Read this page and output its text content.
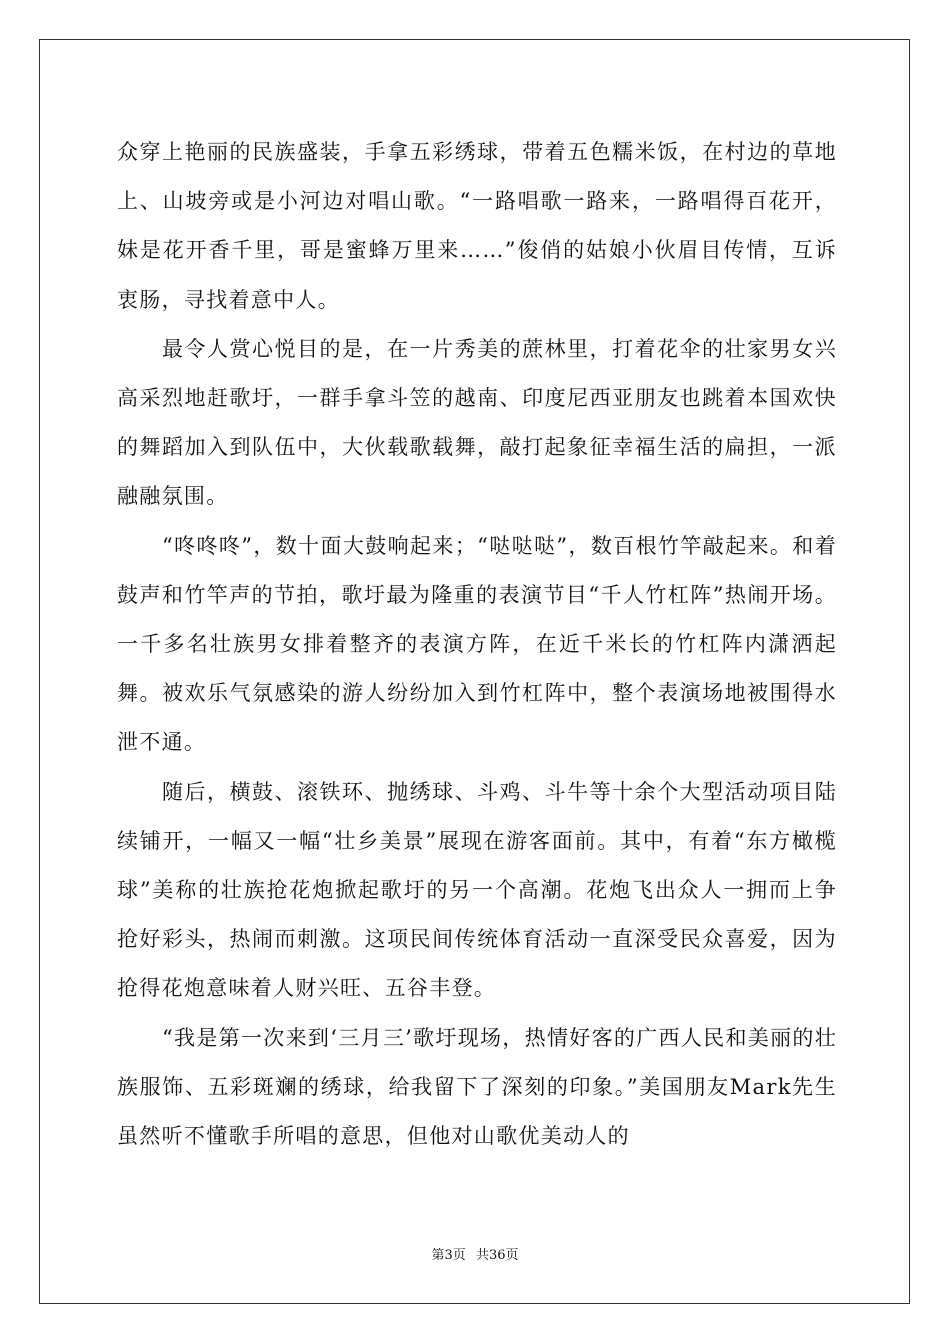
众穿上艳丽的民族盛装，手拿五彩绣球，带着五色糯米饭，在村边的草地上、山坡旁或是小河边对唱山歌。“一路唱歌一路来，一路唱得百花开，妹是花开香千里，哥是蜜蜂万里来……”俊俏的姑娘小伙眉目传情，互诉衷肠，寻找着意中人。

最令人赏心悦目的是，在一片秀美的蔗林里，打着花伞的壮家男女兴高采烈地赶歌圩，一群手拿斗笠的越南、印度尼西亚朋友也跳着本国欢快的舞蹈加入到队伍中，大伙载歌载舞，敲打起象征幸福生活的扁担，一派融融氛围。

“咚咚咚”，数十面大鼓响起来；“哒哒哒”，数百根竹竿敲起来。和着鼓声和竹竿声的节拍，歌圩最为隆重的表演节目“千人竹杠阵”热闹开场。一千多名壮族男女排着整齐的表演方阵，在近千米长的竹杠阵内潇洒起舞。被欢乐气氛感染的游人纷纷加入到竹杠阵中，整个表演场地被围得水泄不通。

随后，横鼓、滚铁环、抛绣球、斗鸡、斗牛等十余个大型活动项目陆续铺开，一幅又一幅“壮乡美景”展现在游客面前。其中，有着“东方橄榄球”美称的壮族抢花炮掀起歌圩的另一个高潮。花炮飞出众人一拥而上争抢好彩头，热闹而刺激。这项民间传统体育活动一直深受民众喜爱，因为抢得花炮意味着人财兴旺、五谷丰登。

“我是第一次来到‘三月三’歌圩现场，热情好客的广西人民和美丽的壮族服饰、五彩斑斓的绣球，给我留下了深刻的印象。”美国朋友Mark先生虽然听不懂歌手所唱的意思，但他对山歌优美动人的

第3页 共36页
